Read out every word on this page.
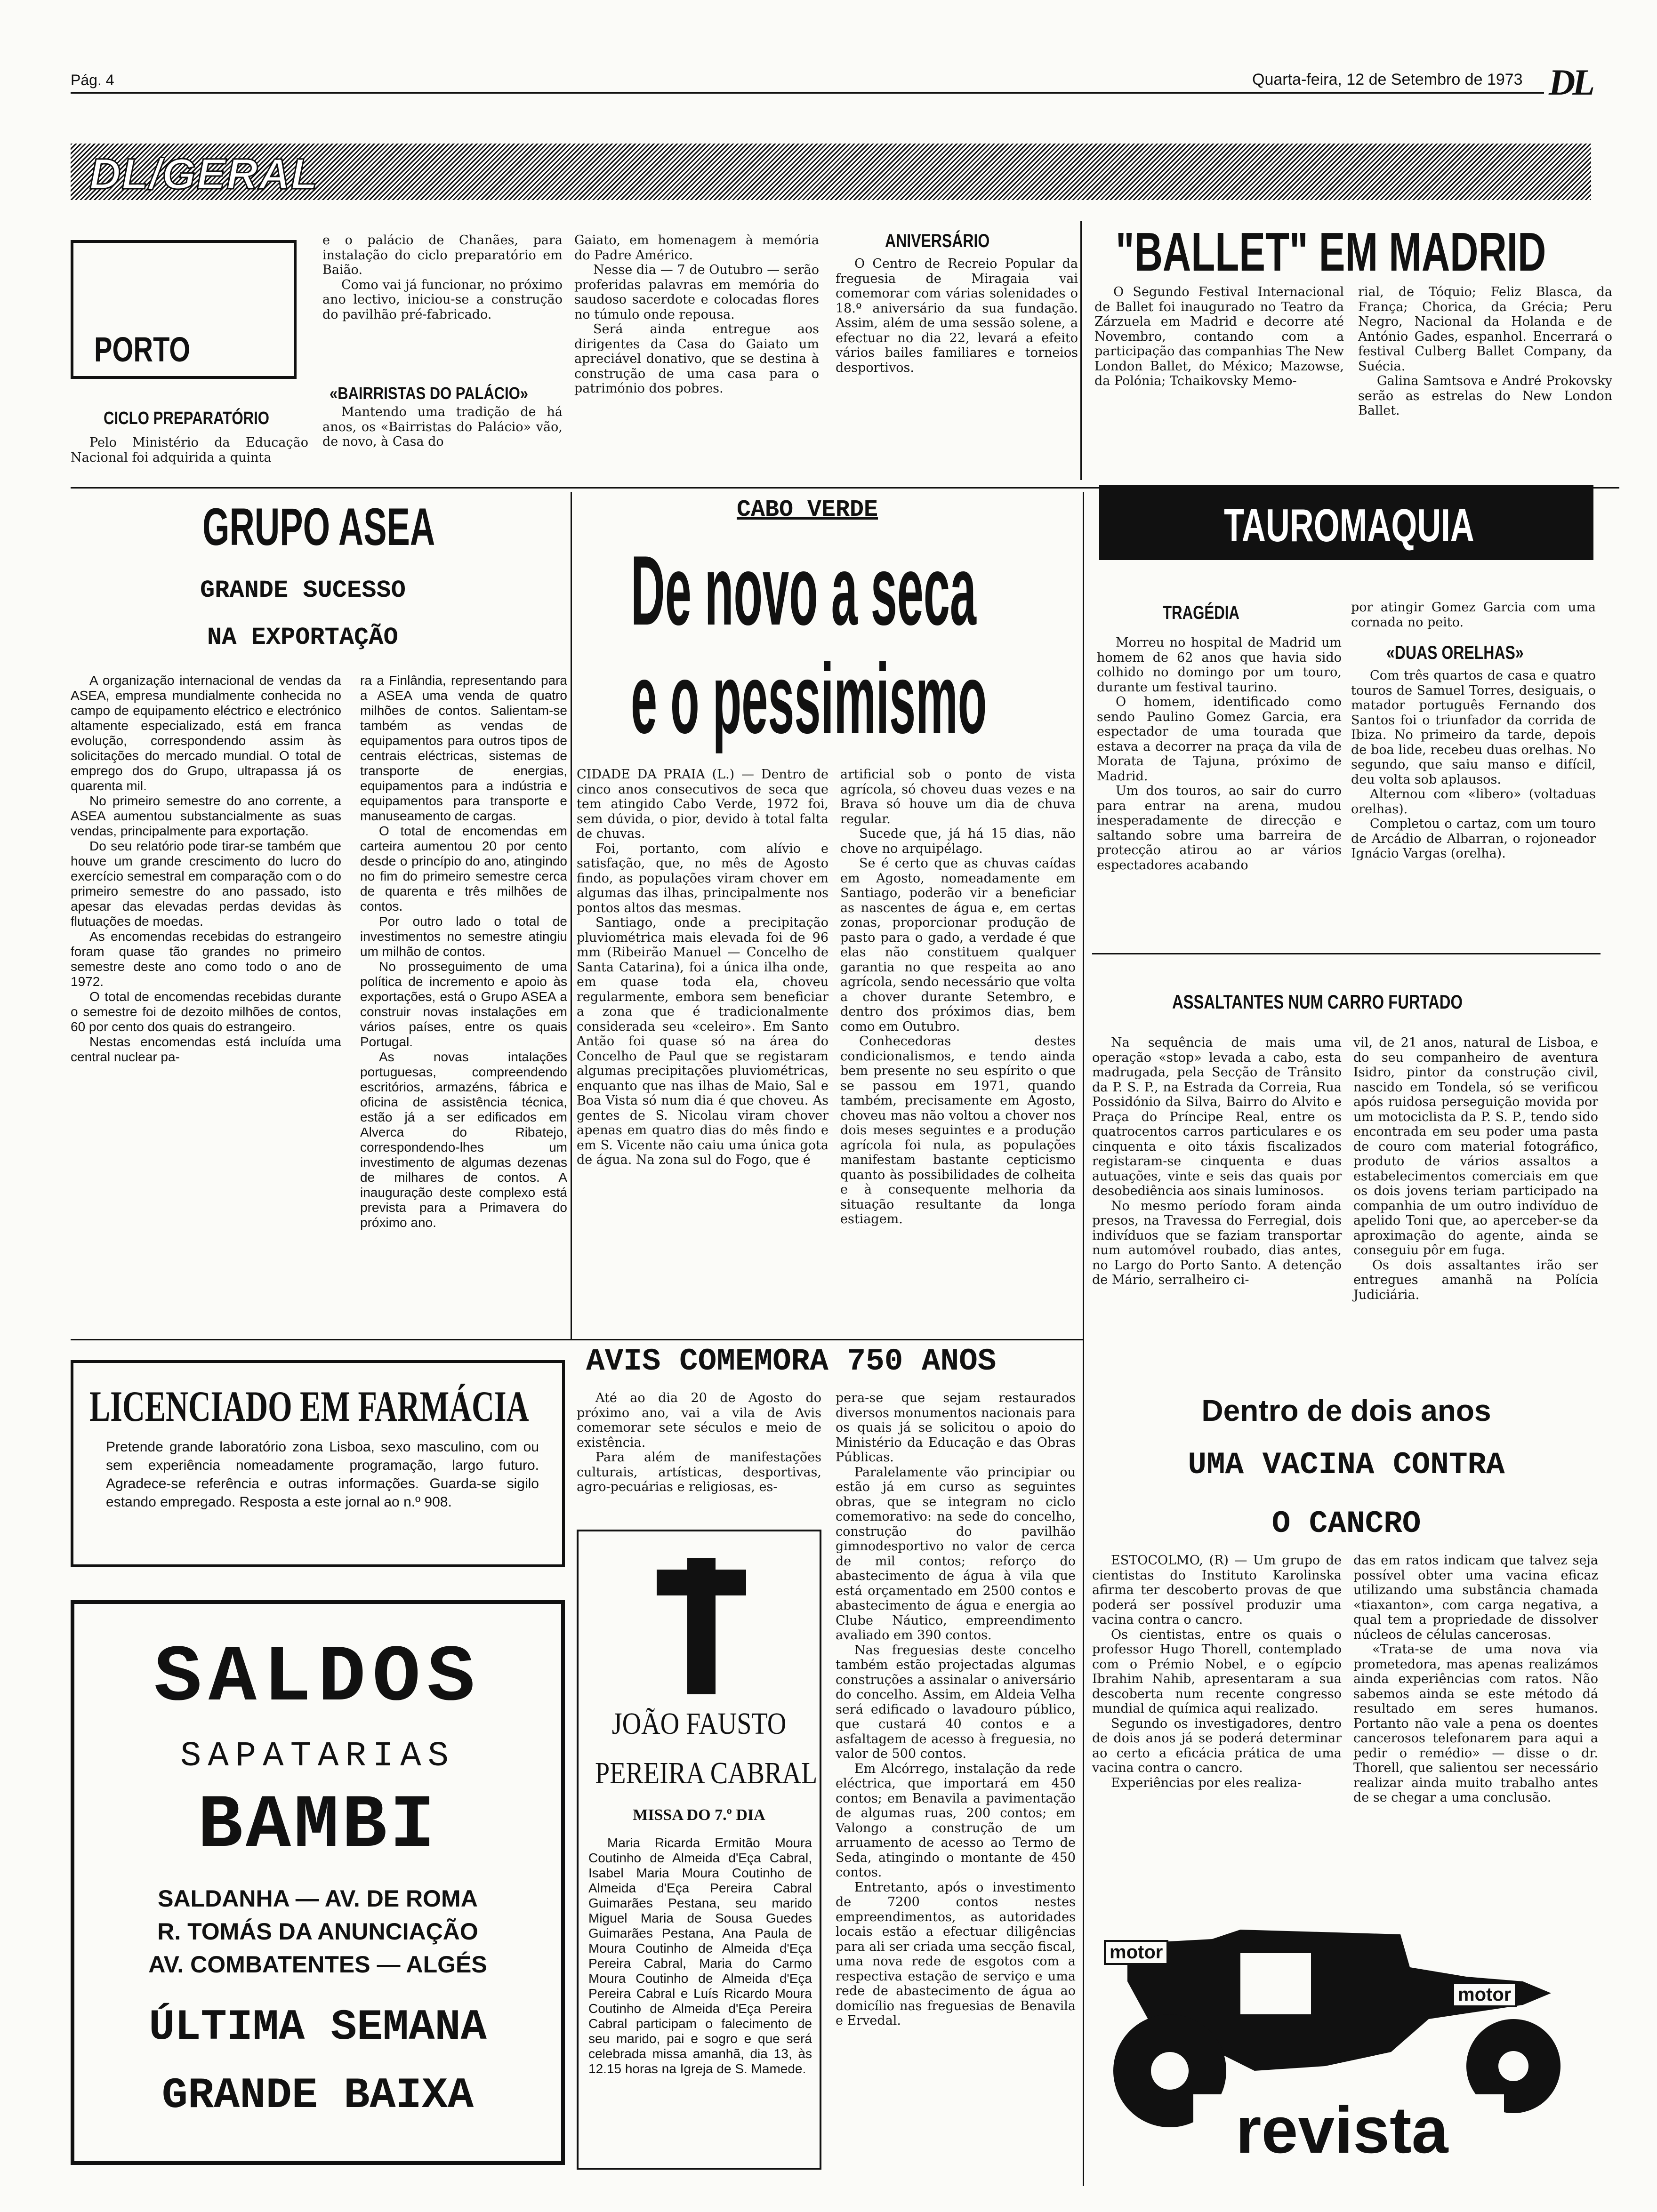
Pág. 4	Quarta-feira, 12 de Setembro de 1973 DL
DL/GERAL
PORTO
CICLO PREPARATÓRIO

Pelo Ministério da Educação Nacional foi adquirida a quinta

e o palácio de Chanães, para instalação do ciclo preparatório em Baião.

Como vai já funcionar, no próximo ano lectivo, iniciou-se a construção do pavilhão pré-fabricado.

«BAIRRISTAS DO PALÁCIO»

Mantendo uma tradição de há anos, os «Bairristas do Palácio» vão, de novo, à Casa do

Gaiato, em homenagem à memória do Padre Américo.

Nesse dia — 7 de Outubro — serão proferidas palavras em memória do saudoso sacerdote e colocadas flores no túmulo onde repousa.

Será ainda entregue aos dirigentes da Casa do Gaiato um apreciável donativo, que se destina à construção de uma casa para o património dos pobres.

ANIVERSÁRIO

O Centro de Recreio Popular da freguesia de Miragaia vai comemorar com várias solenidades o 18.º aniversário da sua fundação. Assim, além de uma sessão solene, a efectuar no dia 22, levará a efeito vários bailes familiares e torneios desportivos.

"BALLET" EM MADRID

O Segundo Festival Internacional de Ballet foi inaugurado no Teatro da Zárzuela em Madrid e decorre até Novembro, contando com a participação das companhias The New London Ballet, do México; Mazowse, da Polónia; Tchaikovsky Memo-

rial, de Tóquio; Feliz Blasca, da França; Chorica, da Grécia; Peru Negro, Nacional da Holanda e de António Gades, espanhol. Encerrará o festival Culberg Ballet Company, da Suécia.

Galina Samtsova e André Prokovsky serão as estrelas do New London Ballet.

GRUPO ASEA
GRANDE SUCESSO
NA EXPORTAÇÃO

A organização internacional de vendas da ASEA, empresa mundialmente conhecida no campo de equipamento eléctrico e electrónico altamente especializado, está em franca evolução, correspondendo assim às solicitações do mercado mundial. O total de emprego dos do Grupo, ultrapassa já os quarenta mil.

No primeiro semestre do ano corrente, a ASEA aumentou substancialmente as suas vendas, principalmente para exportação.

Do seu relatório pode tirar-se também que houve um grande crescimento do lucro do exercício semestral em comparação com o do primeiro semestre do ano passado, isto apesar das elevadas perdas devidas às flutuações de moedas.

As encomendas recebidas do estrangeiro foram quase tão grandes no primeiro semestre deste ano como todo o ano de 1972.

O total de encomendas recebidas durante o semestre foi de dezoito milhões de contos, 60 por cento dos quais do estrangeiro.

Nestas encomendas está incluída uma central nuclear pa-

ra a Finlândia, representando para a ASEA uma venda de quatro milhões de contos. Salientam-se também as vendas de equipamentos para outros tipos de centrais eléctricas, sistemas de transporte de energias, equipamentos para a indústria e equipamentos para transporte e manuseamento de cargas.

O total de encomendas em carteira aumentou 20 por cento desde o princípio do ano, atingindo no fim do primeiro semestre cerca de quarenta e três milhões de contos.

Por outro lado o total de investimentos no semestre atingiu um milhão de contos.

No prosseguimento de uma política de incremento e apoio às exportações, está o Grupo ASEA a construir novas instalações em vários países, entre os quais Portugal.

As novas intalações portuguesas, compreendendo escritórios, armazéns, fábrica e oficina de assistência técnica, estão já a ser edificados em Alverca do Ribatejo, correspondendo-lhes um investimento de algumas dezenas de milhares de contos. A inauguração deste complexo está prevista para a Primavera do próximo ano.

CABO VERDE
De novo a seca
e o pessimismo

CIDADE DA PRAIA (L.) — Dentro de cinco anos consecutivos de seca que tem atingido Cabo Verde, 1972 foi, sem dúvida, o pior, devido à total falta de chuvas.

Foi, portanto, com alívio e satisfação, que, no mês de Agosto findo, as populações viram chover em algumas das ilhas, principalmente nos pontos altos das mesmas.

Santiago, onde a precipitação pluviométrica mais elevada foi de 96 mm (Ribeirão Manuel — Concelho de Santa Catarina), foi a única ilha onde, em quase toda ela, choveu regularmente, embora sem beneficiar a zona que é tradicionalmente considerada seu «celeiro». Em Santo Antão foi quase só na área do Concelho de Paul que se registaram algumas precipitações pluviométricas, enquanto que nas ilhas de Maio, Sal e Boa Vista só num dia é que choveu. As gentes de S. Nicolau viram chover apenas em quatro dias do mês findo e em S. Vicente não caiu uma única gota de água. Na zona sul do Fogo, que é

artificial sob o ponto de vista agrícola, só choveu duas vezes e na Brava só houve um dia de chuva regular.

Sucede que, já há 15 dias, não chove no arquipélago.

Se é certo que as chuvas caídas em Agosto, nomeadamente em Santiago, poderão vir a beneficiar as nascentes de água e, em certas zonas, proporcionar produção de pasto para o gado, a verdade é que elas não constituem qualquer garantia no que respeita ao ano agrícola, sendo necessário que volta a chover durante Setembro, e dentro dos próximos dias, bem como em Outubro.

Conhecedoras destes condicionalismos, e tendo ainda bem presente no seu espírito o que se passou em 1971, quando também, precisamente em Agosto, choveu mas não voltou a chover nos dois meses seguintes e a produção agrícola foi nula, as populações manifestam bastante cepticismo quanto às possibilidades de colheita e à consequente melhoria da situação resultante da longa estiagem.

TAUROMAQUIA
TRAGÉDIA

Morreu no hospital de Madrid um homem de 62 anos que havia sido colhido no domingo por um touro, durante um festival taurino.

O homem, identificado como sendo Paulino Gomez Garcia, era espectador de uma tourada que estava a decorrer na praça da vila de Morata de Tajuna, próximo de Madrid.

Um dos touros, ao sair do curro para entrar na arena, mudou inesperadamente de direcção e saltando sobre uma barreira de protecção atirou ao ar vários espectadores acabando

por atingir Gomez Garcia com uma cornada no peito.

«DUAS ORELHAS»

Com três quartos de casa e quatro touros de Samuel Torres, desiguais, o matador português Fernando dos Santos foi o triunfador da corrida de Ibiza. No primeiro da tarde, depois de boa lide, recebeu duas orelhas. No segundo, que saiu manso e difícil, deu volta sob aplausos.

Alternou com «libero» (voltaduas orelhas).

Completou o cartaz, com um touro de Arcádio de Albarran, o rojoneador Ignácio Vargas (orelha).

ASSALTANTES NUM CARRO FURTADO

Na sequência de mais uma operação «stop» levada a cabo, esta madrugada, pela Secção de Trânsito da P. S. P., na Estrada da Correia, Rua Possidónio da Silva, Bairro do Alvito e Praça do Príncipe Real, entre os quatrocentos carros particulares e os cinquenta e oito táxis fiscalizados registaram-se cinquenta e duas autuações, vinte e seis das quais por desobediência aos sinais luminosos.

No mesmo período foram ainda presos, na Travessa do Ferregial, dois indivíduos que se faziam transportar num automóvel roubado, dias antes, no Largo do Porto Santo. A detenção de Mário, serralheiro ci-

vil, de 21 anos, natural de Lisboa, e do seu companheiro de aventura Isidro, pintor da construção civil, nascido em Tondela, só se verificou após ruidosa perseguição movida por um motociclista da P. S. P., tendo sido encontrada em seu poder uma pasta de couro com material fotográfico, produto de vários assaltos a estabelecimentos comerciais em que os dois jovens teriam participado na companhia de um outro indivíduo de apelido Toni que, ao aperceber-se da aproximação do agente, ainda se conseguiu pôr em fuga.

Os dois assaltantes irão ser entregues amanhã na Polícia Judiciária.

LICENCIADO EM FARMÁCIA
Pretende grande laboratório zona Lisboa, sexo masculino, com ou sem experiência nomeadamente programação, largo futuro. Agradece-se referência e outras informações. Guarda-se sigilo estando empregado. Resposta a este jornal ao n.º 908.
SALDOS
SAPATARIAS
BAMBI
SALDANHA — AV. DE ROMA
R. TOMÁS DA ANUNCIAÇÃO
AV. COMBATENTES — ALGÉS
ÚLTIMA SEMANA
GRANDE BAIXA
AVIS COMEMORA 750 ANOS

Até ao dia 20 de Agosto do próximo ano, vai a vila de Avis comemorar sete séculos e meio de existência.

Para além de manifestações culturais, artísticas, desportivas, agro-pecuárias e religiosas, es-

pera-se que sejam restaurados diversos monumentos nacionais para os quais já se solicitou o apoio do Ministério da Educação e das Obras Públicas.

Paralelamente vão principiar ou estão já em curso as seguintes obras, que se integram no ciclo comemorativo: na sede do concelho, construção do pavilhão gimnodesportivo no valor de cerca de mil contos; reforço do abastecimento de água à vila que está orçamentado em 2500 contos e abastecimento de água e energia ao Clube Náutico, empreendimento avaliado em 390 contos.

Nas freguesias deste concelho também estão projectadas algumas construções a assinalar o aniversário do concelho. Assim, em Aldeia Velha será edificado o lavadouro público, que custará 40 contos e a asfaltagem de acesso à freguesia, no valor de 500 contos.

Em Alcórrego, instalação da rede eléctrica, que importará em 450 contos; em Benavila a pavimentação de algumas ruas, 200 contos; em Valongo a construção de um arruamento de acesso ao Termo de Seda, atingindo o montante de 450 contos.

Entretanto, após o investimento de 7200 contos nestes empreendimentos, as autoridades locais estão a efectuar diligências para ali ser criada uma secção fiscal, uma nova rede de esgotos com a respectiva estação de serviço e uma rede de abastecimento de água ao domicílio nas freguesias de Benavila e Ervedal.

JOÃO FAUSTO
PEREIRA CABRAL
MISSA DO 7.º DIA

Maria Ricarda Ermitão Moura Coutinho de Almeida d'Eça Cabral, Isabel Maria Moura Coutinho de Almeida d'Eça Pereira Cabral Guimarães Pestana, seu marido Miguel Maria de Sousa Guedes Guimarães Pestana, Ana Paula de Moura Coutinho de Almeida d'Eça Pereira Cabral, Maria do Carmo Moura Coutinho de Almeida d'Eça Pereira Cabral e Luís Ricardo Moura Coutinho de Almeida d'Eça Pereira Cabral participam o falecimento de seu marido, pai e sogro e que será celebrada missa amanhã, dia 13, às 12.15 horas na Igreja de S. Mamede.

Dentro de dois anos
UMA VACINA CONTRA
O CANCRO

ESTOCOLMO, (R) — Um grupo de cientistas do Instituto Karolinska afirma ter descoberto provas de que poderá ser possível produzir uma vacina contra o cancro.

Os cientistas, entre os quais o professor Hugo Thorell, contemplado com o Prémio Nobel, e o egípcio Ibrahim Nahib, apresentaram a sua descoberta num recente congresso mundial de química aqui realizado.

Segundo os investigadores, dentro de dois anos já se poderá determinar ao certo a eficácia prática de uma vacina contra o cancro.

Experiências por eles realiza-

das em ratos indicam que talvez seja possível obter uma vacina eficaz utilizando uma substância chamada «tiaxanton», com carga negativa, a qual tem a propriedade de dissolver núcleos de células cancerosas.

«Trata-se de uma nova via prometedora, mas apenas realizámos ainda experiências com ratos. Não sabemos ainda se este método dá resultado em seres humanos. Portanto não vale a pena os doentes cancerosos telefonarem para aqui a pedir o remédio» — disse o dr. Thorell, que salientou ser necessário realizar ainda muito trabalho antes de se chegar a uma conclusão.

motor
motor
revista
